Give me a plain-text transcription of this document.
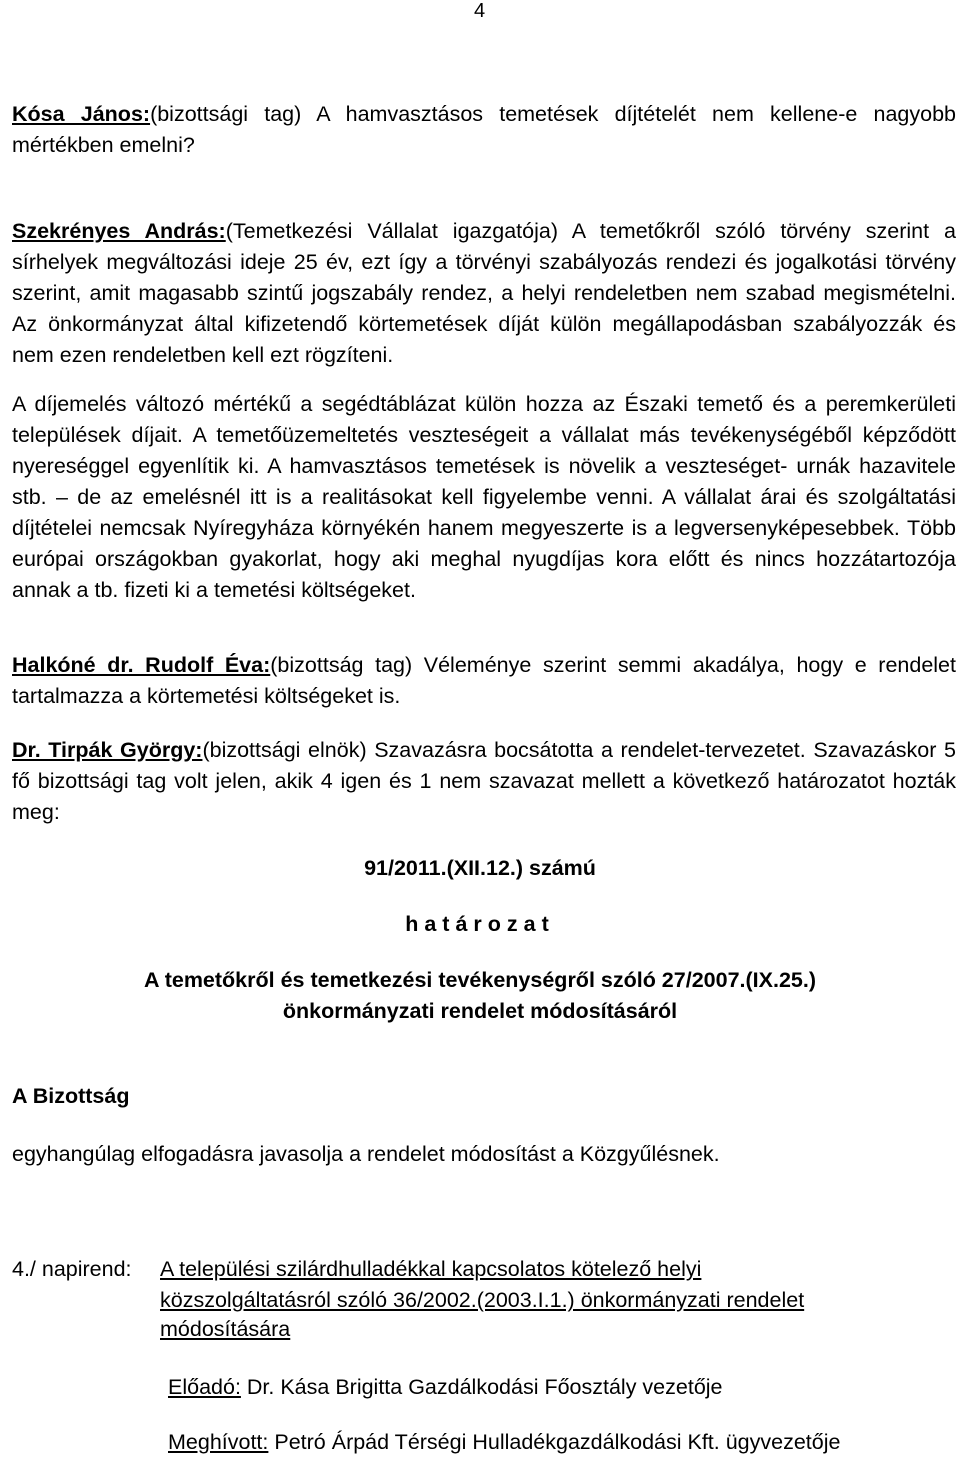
4

Kósa János:(bizottsági tag) A hamvasztásos temetések díjtételét nem kellene-e nagyobb mértékben emelni?

Szekrényes András:(Temetkezési Vállalat igazgatója) A temetőkről szóló törvény szerint a sírhelyek megváltozási ideje 25 év, ezt így a törvényi szabályozás rendezi és jogalkotási törvény szerint, amit magasabb szintű jogszabály rendez, a helyi rendeletben nem szabad megismételni. Az önkormányzat által kifizetendő körtemetések díját külön megállapodásban szabályozzák és nem ezen rendeletben kell ezt rögzíteni.

A díjemelés változó mértékű a segédtáblázat külön hozza az Északi temető és a peremkerületi települések díjait. A temetőüzemeltetés veszteségeit a vállalat más tevékenységéből képződött nyereséggel egyenlítik ki. A hamvasztásos temetések is növelik a veszteséget- urnák hazavitele stb. – de az emelésnél itt is a realitásokat kell figyelembe venni. A vállalat árai és szolgáltatási díjtételei nemcsak Nyíregyháza környékén hanem megyeszerte is a legversenyképesebbek. Több európai országokban gyakorlat, hogy aki meghal nyugdíjas kora előtt és nincs hozzátartozója annak a tb. fizeti ki a temetési költségeket.

Halkóné dr. Rudolf Éva:(bizottság tag) Véleménye szerint semmi akadálya, hogy e rendelet tartalmazza a körtemetési költségeket is.

Dr. Tirpák György:(bizottsági elnök) Szavazásra bocsátotta a rendelet-tervezetet. Szavazáskor 5 fő bizottsági tag volt jelen, akik 4 igen és 1 nem szavazat mellett a következő határozatot hozták meg:

91/2011.(XII.12.) számú
határozat
A temetőkről és temetkezési tevékenységről szóló 27/2007.(IX.25.)
önkormányzati rendelet módosításáról
A Bizottság
egyhangúlag elfogadásra javasolja a rendelet módosítást a Közgyűlésnek.
4./ napirend: A települési szilárdhulladékkal kapcsolatos kötelező helyi
közszolgáltatásról szóló 36/2002.(2003.I.1.) önkormányzati rendelet
módosítására
Előadó: Dr. Kása Brigitta Gazdálkodási Főosztály vezetője
Meghívott: Petró Árpád Térségi Hulladékgazdálkodási Kft. ügyvezetője
